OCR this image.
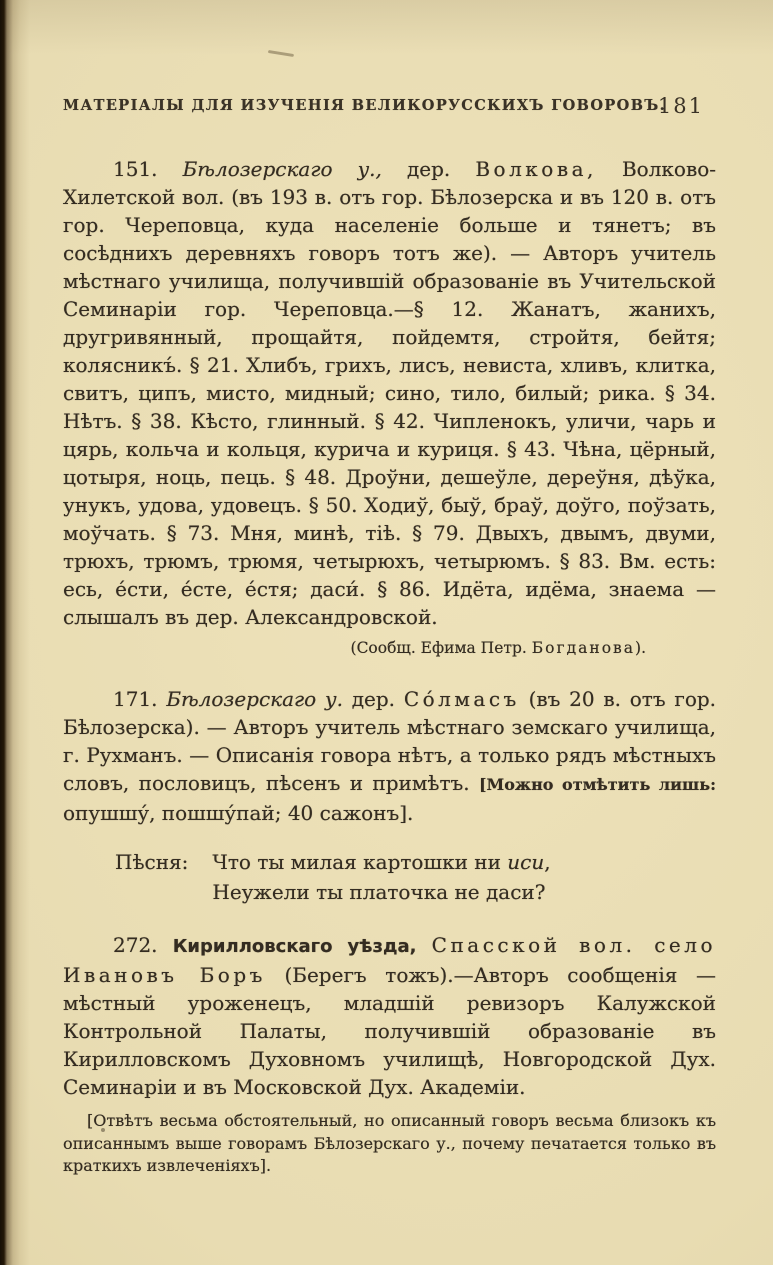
МАТЕРІАЛЫ ДЛЯ ИЗУЧЕНІЯ ВЕЛИКОРУССКИХЪ ГОВОРОВЪ.
181

151. Бѣлозерскаго у., дер. Волкова, Волково-Хилетской вол. (въ 193 в. отъ гор. Бѣлозерска и въ 120 в. отъ гор. Череповца, куда населеніе больше и тянетъ; въ сосѣднихъ деревняхъ говоръ тотъ же). — Авторъ учитель мѣстнаго училища, получившій образованіе въ Учительской Семинаріи гор. Череповца.—§ 12. Жанатъ, жанихъ, другривянный, прощайтя, пойдемтя, стройтя, бейтя; колясникъ́. § 21. Хлибъ, грихъ, лисъ, невиста, хливъ, клитка, свитъ, ципъ, мисто, мидный; сино, тило, билый; рика. § 34. Нѣтъ. § 38. Кѣсто, глинный. § 42. Чипленокъ, уличи, чарь и цярь, кольча и кольця, курича и куриця. § 43. Чѣна, цёрный, цотыря, ноць, пець. § 48. Дроўни, дешеўле, дереўня, дѣўка, унукъ, удова, удовецъ. § 50. Ходиў, быў, браў, доўго, поўзать, моўчать. § 73. Мня, минѣ, тіѣ. § 79. Двыхъ, двымъ, двуми, трюхъ, трюмъ, трюмя, четырюхъ, четырюмъ. § 83. Вм. есть: есь, е́сти, е́сте, е́стя; даси́. § 86. Идёта, идёма, знаема — слышалъ въ дер. Александровской.

(Сообщ. Ефима Петр. Богданова).

171. Бѣлозерскаго у. дер. Со́лмасъ (въ 20 в. отъ гор. Бѣлозерска). — Авторъ учитель мѣстнаго земскаго училища, г. Рухманъ. — Описанія говора нѣтъ, а только рядъ мѣстныхъ словъ, пословицъ, пѣсенъ и примѣтъ. [Можно отмѣтить лишь: опушшу́, пошшу́пай; 40 сажонъ].

Пѣсня: Что ты милая картошки ни иси,
Неужели ты платочка не даси?

272. Кирилловскаго уѣзда, Спасской вол. село Ивановъ Боръ (Берегъ тожъ).—Авторъ сообщенія — мѣстный уроженецъ, младшій ревизоръ Калужской Контрольной Палаты, получившій образованіе въ Кирилловскомъ Духовномъ училищѣ, Новгородской Дух. Семинаріи и въ Московской Дух. Академіи.

[Отвѣтъ весьма обстоятельный, но описанный говоръ весьма близокъ къ описаннымъ выше говорамъ Бѣлозерскаго у., почему печатается только въ краткихъ извлеченіяхъ].
